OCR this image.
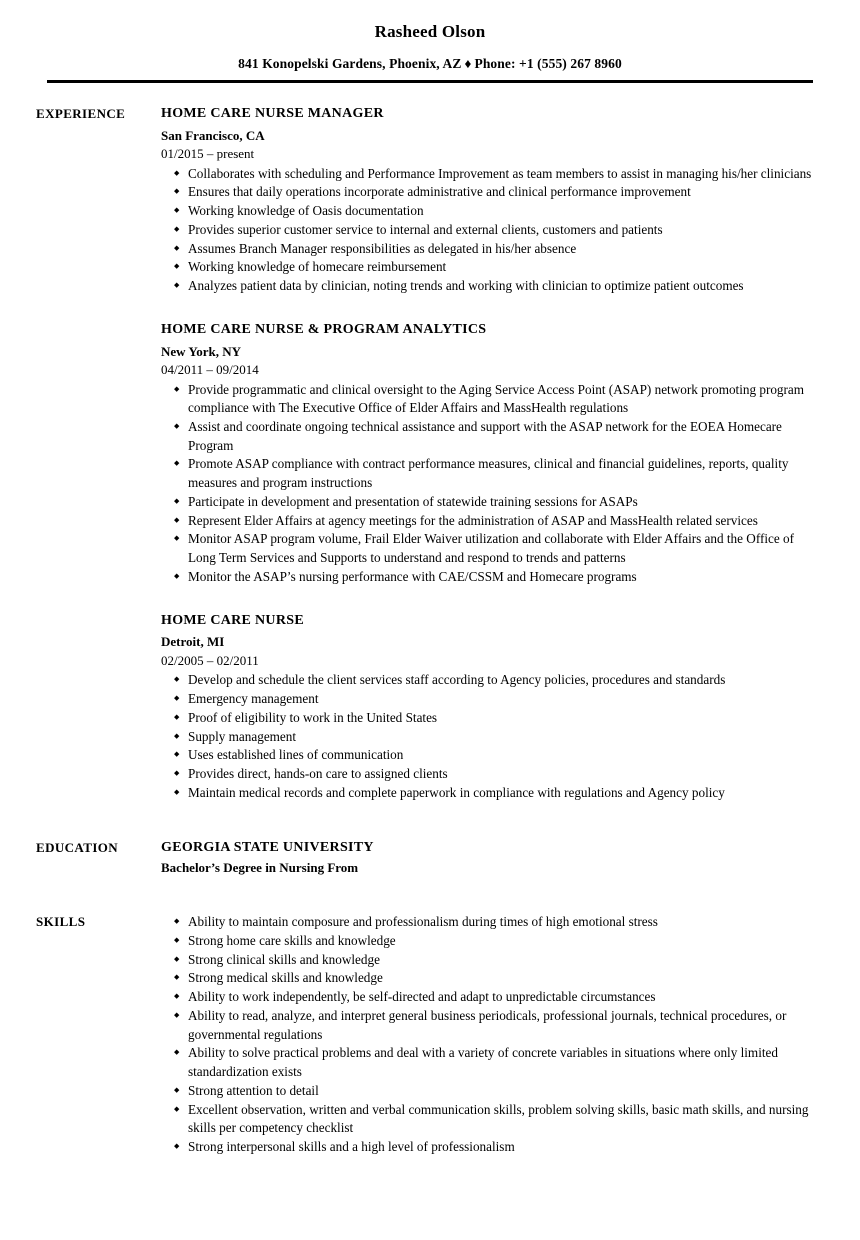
Rasheed Olson
841 Konopelski Gardens, Phoenix, AZ ♦ Phone: +1 (555) 267 8960
EXPERIENCE	HOME CARE NURSE MANAGER
San Francisco, CA
01/2015 – present
◆ Collaborates with scheduling and Performance Improvement as team members to assist in managing his/her clinicians
◆ Ensures that daily operations incorporate administrative and clinical performance improvement
◆ Working knowledge of Oasis documentation
◆ Provides superior customer service to internal and external clients, customers and patients
◆ Assumes Branch Manager responsibilities as delegated in his/her absence
◆ Working knowledge of homecare reimbursement
◆ Analyzes patient data by clinician, noting trends and working with clinician to optimize patient outcomes
HOME CARE NURSE & PROGRAM ANALYTICS
New York, NY
04/2011 – 09/2014
◆ Provide programmatic and clinical oversight to the Aging Service Access Point (ASAP) network promoting program compliance with The Executive Office of Elder Affairs and MassHealth regulations
◆ Assist and coordinate ongoing technical assistance and support with the ASAP network for the EOEA Homecare Program
◆ Promote ASAP compliance with contract performance measures, clinical and financial guidelines, reports, quality measures and program instructions
◆ Participate in development and presentation of statewide training sessions for ASAPs
◆ Represent Elder Affairs at agency meetings for the administration of ASAP and MassHealth related services
◆ Monitor ASAP program volume, Frail Elder Waiver utilization and collaborate with Elder Affairs and the Office of Long Term Services and Supports to understand and respond to trends and patterns
◆ Monitor the ASAP’s nursing performance with CAE/CSSM and Homecare programs
HOME CARE NURSE
Detroit, MI
02/2005 – 02/2011
◆ Develop and schedule the client services staff according to Agency policies, procedures and standards
◆ Emergency management
◆ Proof of eligibility to work in the United States
◆ Supply management
◆ Uses established lines of communication
◆ Provides direct, hands-on care to assigned clients
◆ Maintain medical records and complete paperwork in compliance with regulations and Agency policy
EDUCATION	GEORGIA STATE UNIVERSITY
Bachelor’s Degree in Nursing From
SKILLS	◆ Ability to maintain composure and professionalism during times of high emotional stress
◆ Strong home care skills and knowledge
◆ Strong clinical skills and knowledge
◆ Strong medical skills and knowledge
◆ Ability to work independently, be self-directed and adapt to unpredictable circumstances
◆ Ability to read, analyze, and interpret general business periodicals, professional journals, technical procedures, or governmental regulations
◆ Ability to solve practical problems and deal with a variety of concrete variables in situations where only limited standardization exists
◆ Strong attention to detail
◆ Excellent observation, written and verbal communication skills, problem solving skills, basic math skills, and nursing skills per competency checklist
◆ Strong interpersonal skills and a high level of professionalism
